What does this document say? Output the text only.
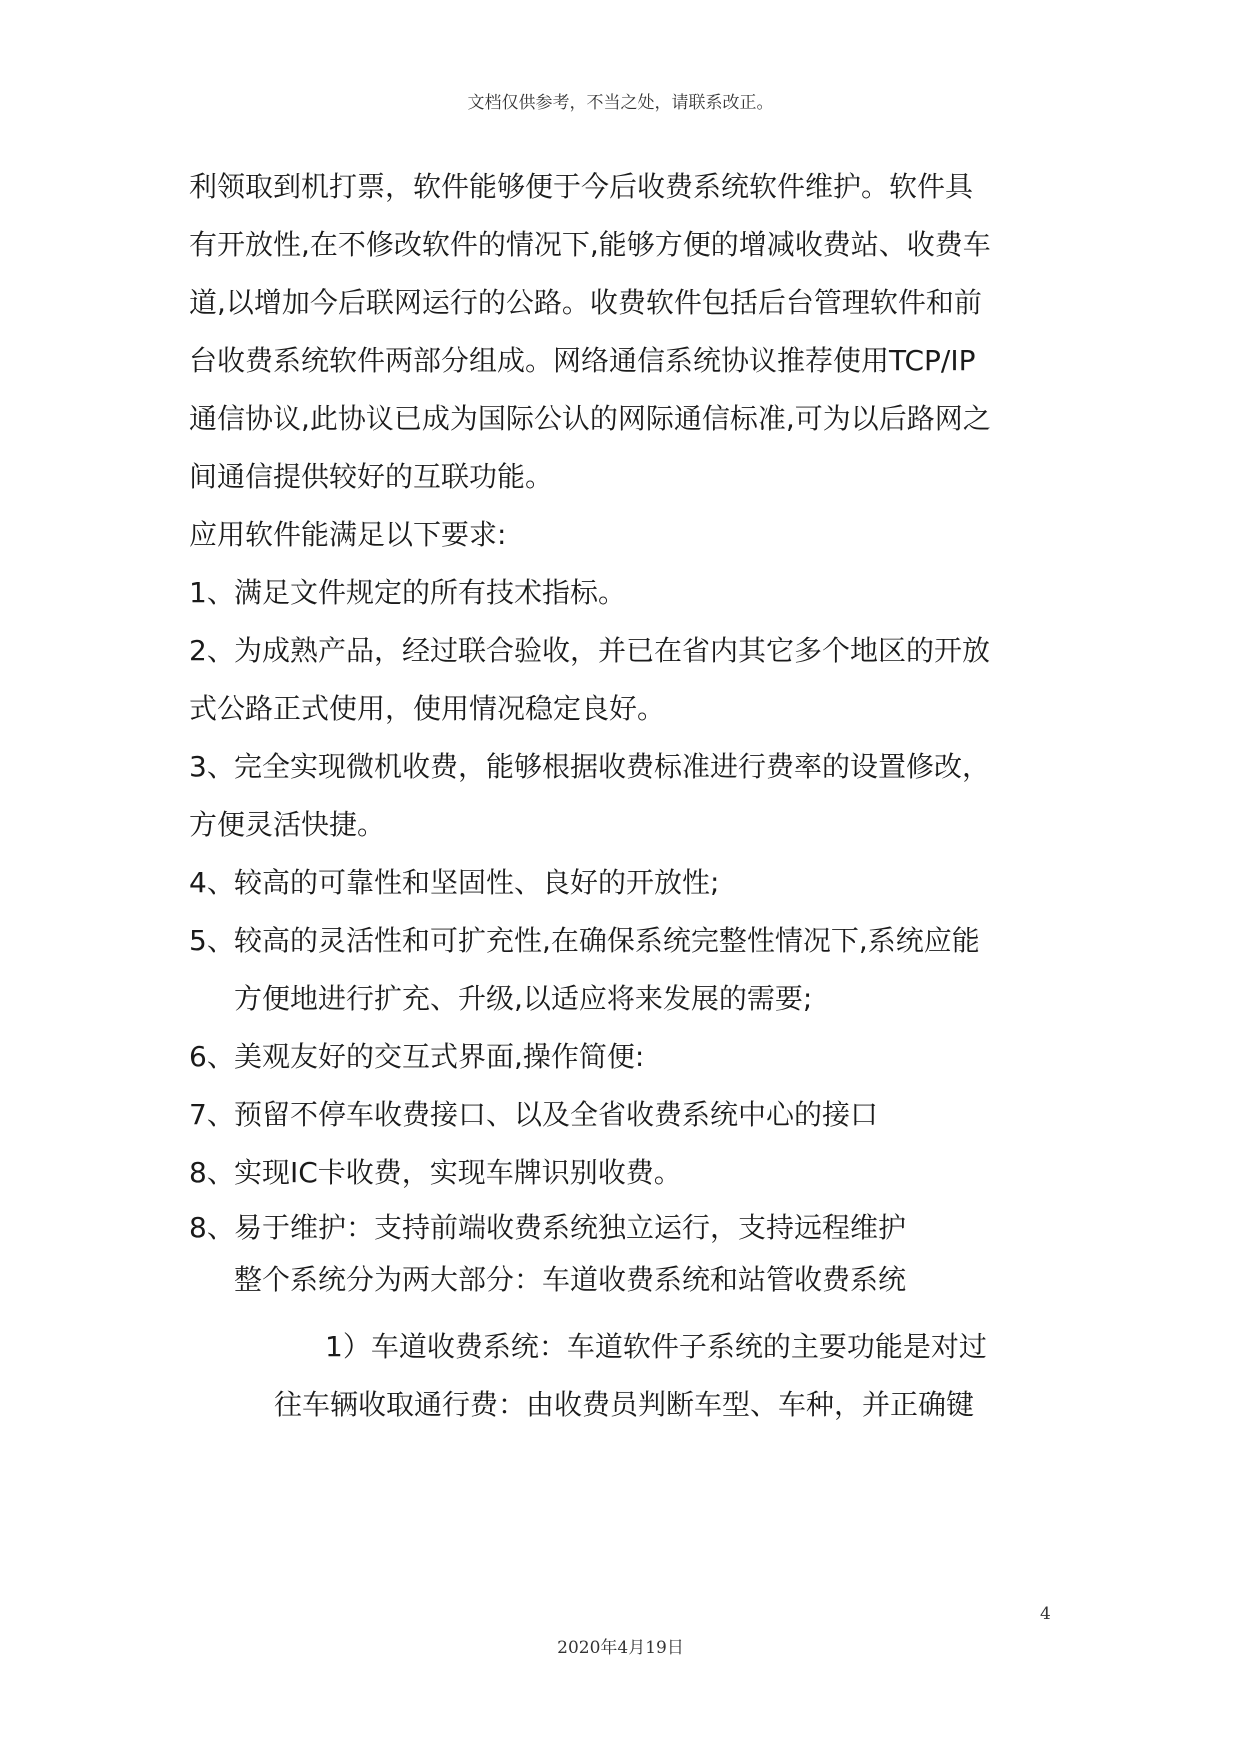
文档仅供参考，不当之处，请联系改正。

利领取到机打票，软件能够便于今后收费系统软件维护。软件具

有开放性,在不修改软件的情况下,能够方便的增减收费站、收费车

道,以增加今后联网运行的公路。收费软件包括后台管理软件和前

台收费系统软件两部分组成。网络通信系统协议推荐使用TCP/IP

通信协议,此协议已成为国际公认的网际通信标准,可为以后路网之

间通信提供较好的互联功能。

应用软件能满足以下要求:

1、 满足文件规定的所有技术指标。
2、 为成熟产品，经过联合验收，并已在省内其它多个地区的开放

式公路正式使用，使用情况稳定良好。

3、 完全实现微机收费，能够根据收费标准进行费率的设置修改，

方便灵活快捷。

4、 较高的可靠性和坚固性、良好的开放性;
5、 较高的灵活性和可扩充性,在确保系统完整性情况下,系统应能
方便地进行扩充、升级,以适应将来发展的需要;
6、 美观友好的交互式界面,操作简便:
7、 预留不停车收费接口、以及全省收费系统中心的接口
8、 实现IC卡收费，实现车牌识别收费。
8、 易于维护：支持前端收费系统独立运行，支持远程维护

整个系统分为两大部分：车道收费系统和站管收费系统

1）车道收费系统：车道软件子系统的主要功能是对过

往车辆收取通行费：由收费员判断车型、车种，并正确键

4
2020年4月19日
